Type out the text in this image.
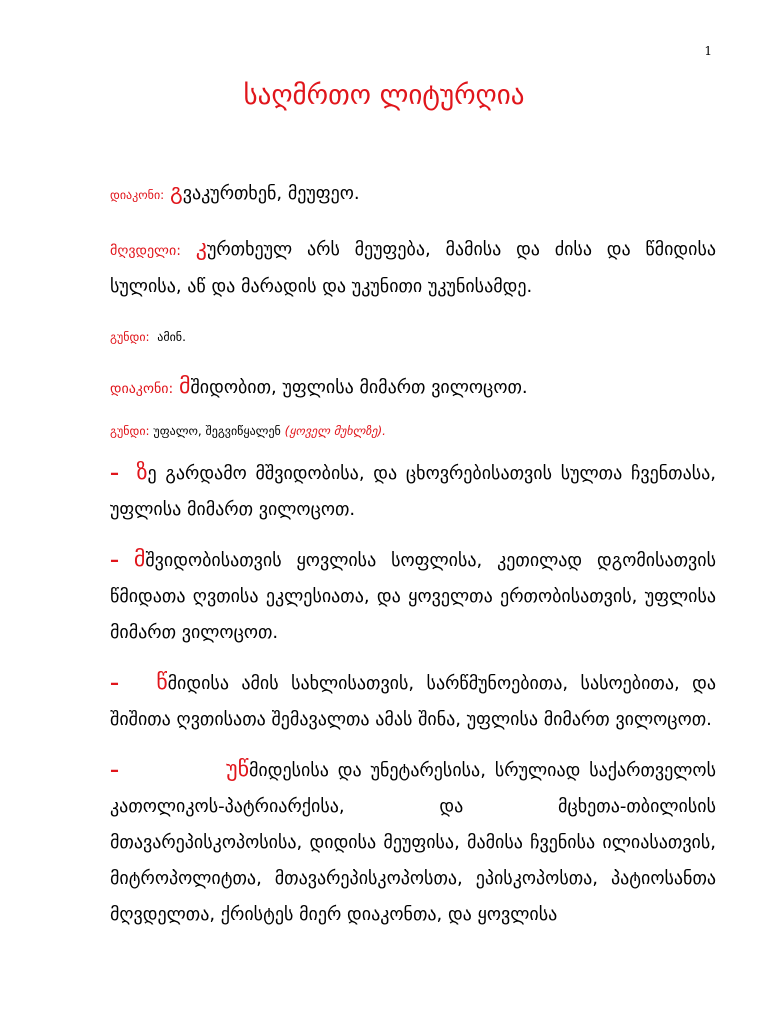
1
საღმრთო ლიტურღია

დიაკონი: გვაკურთხენ, მეუფეო.

მღვდელი: კურთხეულ არს მეუფება, მამისა და ძისა და წმიდისა სულისა, აწ და მარადის და უკუნითი უკუნისამდე.

გუნდი: ამინ.

დიაკონი: მშიდობით, უფლისა მიმართ ვილოცოთ.

გუნდი: უფალო, შეგვიწყალენ (ყოველ მუხლზე).

– ზე გარდამო მშვიდობისა, და ცხოვრებისათვის სულთა ჩვენთასა, უფლისა მიმართ ვილოცოთ.

– მშვიდობისათვის ყოვლისა სოფლისა, კეთილად დგომისათვის წმიდათა ღვთისა ეკლესიათა, და ყოველთა ერთობისათვის, უფლისა მიმართ ვილოცოთ.

– წმიდისა ამის სახლისათვის, სარწმუნოებითა, სასოებითა, და შიშითა ღვთისათა შემავალთა ამას შინა, უფლისა მიმართ ვილოცოთ.

–	უწმიდესისა და უნეტარესისა, სრულიად საქართველოს კათოლიკოს-პატრიარქისა, და მცხეთა-თბილისის მთავარეპისკოპოსისა, დიდისა მეუფისა, მამისა ჩვენისა ილიასათვის, მიტროპოლიტთა, მთავარეპისკოპოსთა, ეპისკოპოსთა, პატიოსანთა მღვდელთა, ქრისტეს მიერ დიაკონთა, და ყოვლისა
